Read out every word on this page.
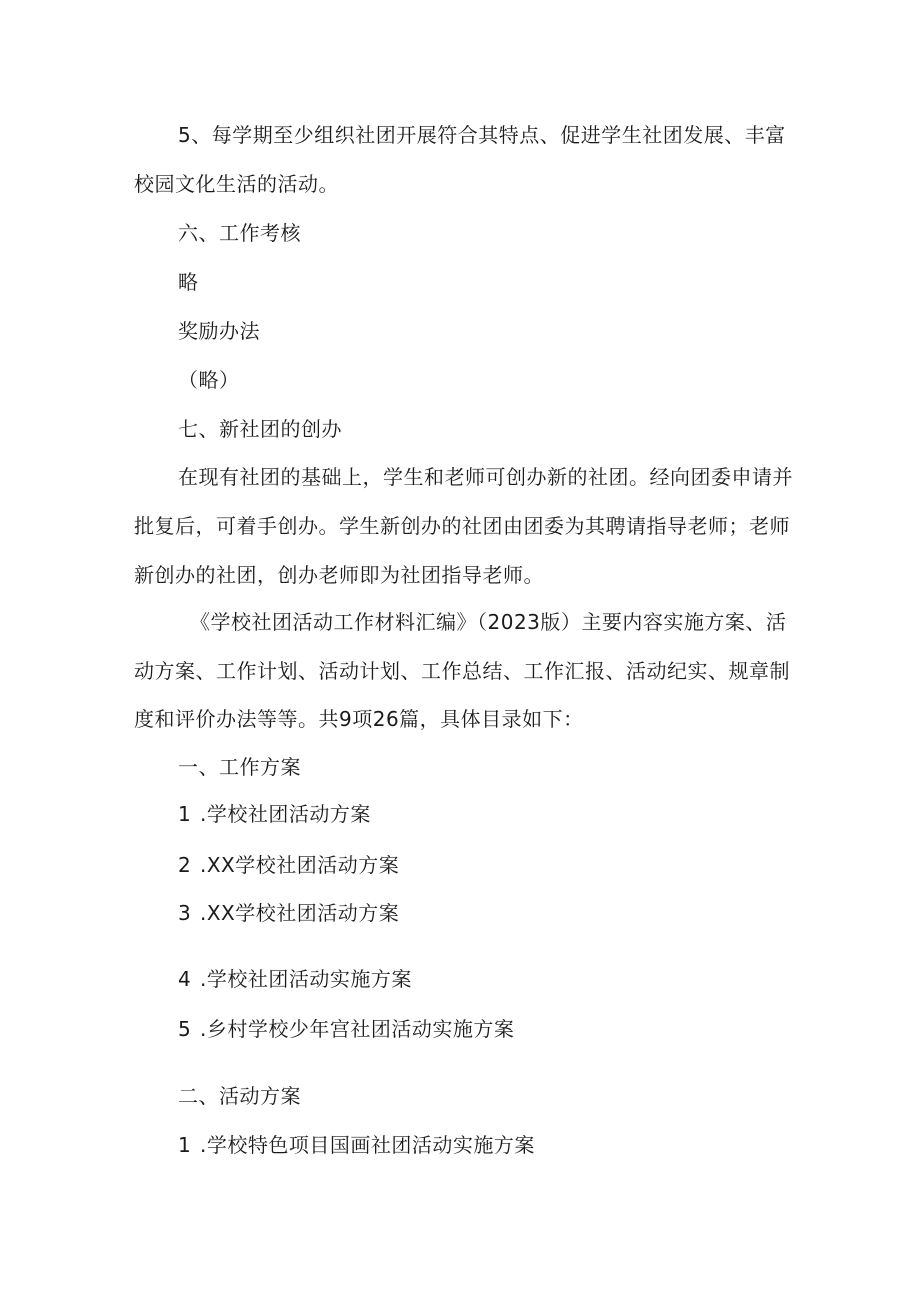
5、每学期至少组织社团开展符合其特点、促进学生社团发展、丰富
校园文化生活的活动。
六、工作考核
略
奖励办法
（略）
七、新社团的创办
在现有社团的基础上，学生和老师可创办新的社团。经向团委申请并
批复后，可着手创办。学生新创办的社团由团委为其聘请指导老师；老师
新创办的社团，创办老师即为社团指导老师。
《学校社团活动工作材料汇编》（2023版）主要内容实施方案、活
动方案、工作计划、活动计划、工作总结、工作汇报、活动纪实、规章制
度和评价办法等等。共9项26篇，具体目录如下：
一、工作方案
1 .学校社团活动方案
2 .XX学校社团活动方案
3 .XX学校社团活动方案
4 .学校社团活动实施方案
5 .乡村学校少年宫社团活动实施方案
二、活动方案
1 .学校特色项目国画社团活动实施方案
